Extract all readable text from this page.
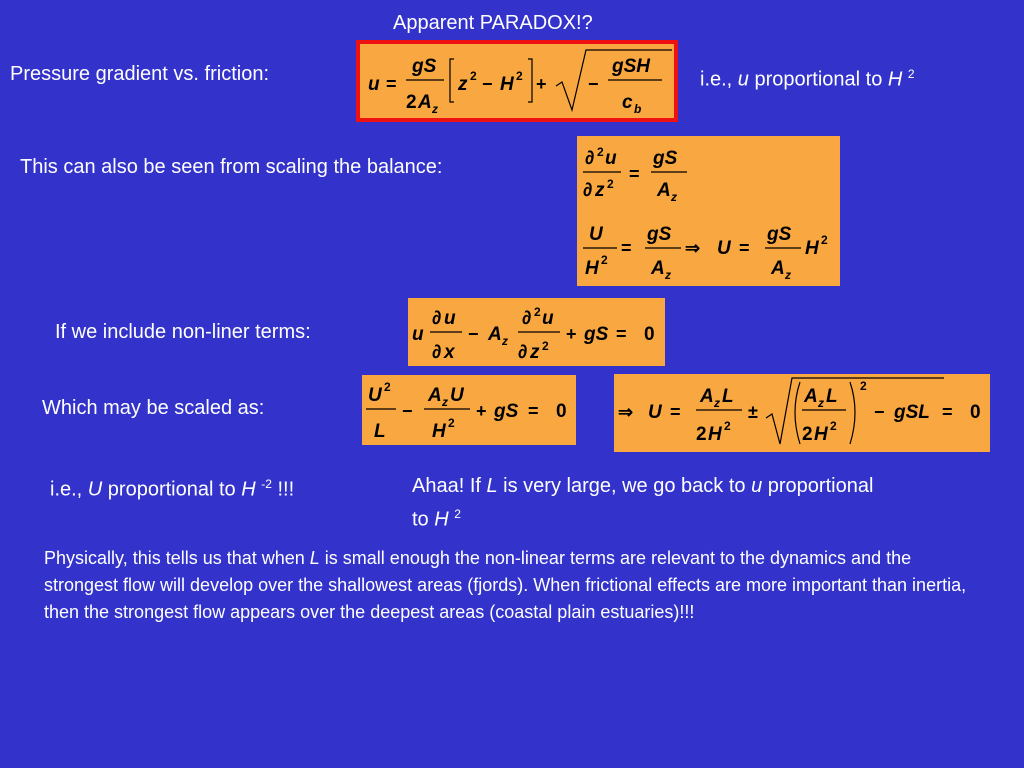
Apparent PARADOX!?
Pressure gradient vs. friction:	u =
gS
2 A z
z 2 − H 2 + −
gSH
c b
i.e., u proportional to H $^2$
This can also be seen from scaling the balance:	∂ 2 u
∂ z 2 =
gS
A z
U
H 2
=
gS
A z
⇒ U =
gS
A z
H 2
If we include non-liner terms:	u
∂ u
∂ x
− A z
∂ 2 u
∂ z 2
+ gS = 0
Which may be scaled as:
U 2
L
−
A z U
H 2
+ gS = 0	⇒ U =
A z L
2 H 2
±
A z L
2 H 2
2
− gSL = 0
i.e., U proportional to H $^{-2}$ !!!	Ahaa! If L is very large, we go back to u proportional
to H $^2$
Physically, this tells us that when L is small enough the non-linear terms are relevant to the dynamics and the strongest flow will develop over the shallowest areas (fjords). When frictional effects are more important than inertia, then the strongest flow appears over the deepest areas (coastal plain estuaries)!!!
